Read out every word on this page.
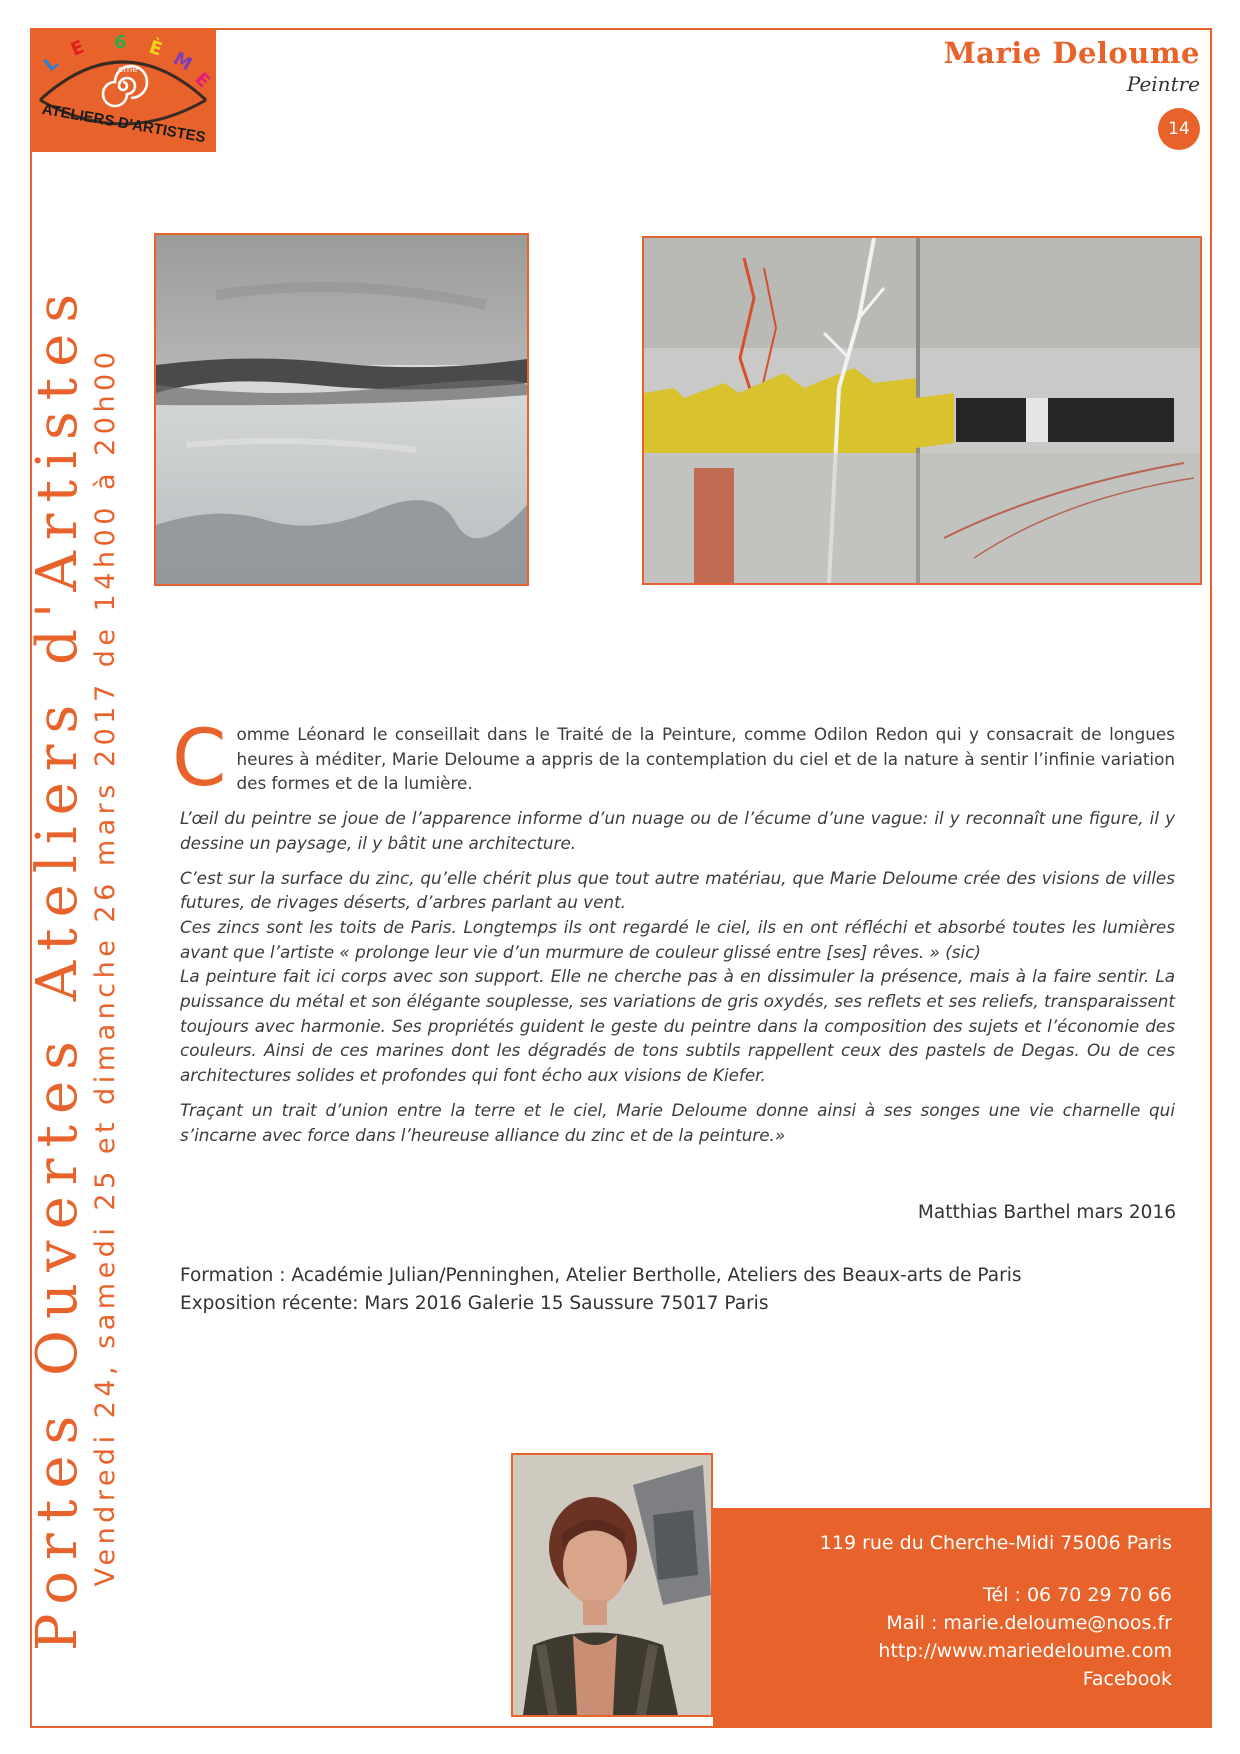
L
E 6 È M
E
eme
ATELIERS D'ARTISTES
Marie Deloume
Peintre
14
Portes Ouvertes Ateliers d'Artistes Vendredi 24, samedi 25 et dimanche 26 mars 2017 de 14h00 à 20h00 Comme Léonard le conseillait dans le Traité de la Peinture, comme Odilon Redon qui y consacrait de longues heures à méditer, Marie Deloume a appris de la contemplation du ciel et de la nature à sentir l’infinie variation des formes et de la lumière.

L’œil du peintre se joue de l’apparence informe d’un nuage ou de l’écume d’une vague: il y reconnaît une figure, il y dessine un paysage, il y bâtit une architecture.

C’est sur la surface du zinc, qu’elle chérit plus que tout autre matériau, que Marie Deloume crée des visions de villes futures, de rivages déserts, d’arbres parlant au vent.

Ces zincs sont les toits de Paris. Longtemps ils ont regardé le ciel, ils en ont réfléchi et absorbé toutes les lumières avant que l’artiste « prolonge leur vie d’un murmure de couleur glissé entre [ses] rêves. » (sic)

La peinture fait ici corps avec son support. Elle ne cherche pas à en dissimuler la présence, mais à la faire sentir. La puissance du métal et son élégante souplesse, ses variations de gris oxydés, ses reflets et ses reliefs, transparaissent toujours avec harmonie. Ses propriétés guident le geste du peintre dans la composition des sujets et l’économie des couleurs. Ainsi de ces marines dont les dégradés de tons subtils rappellent ceux des pastels de Degas. Ou de ces architectures solides et profondes qui font écho aux visions de Kiefer.

Traçant un trait d’union entre la terre et le ciel, Marie Deloume donne ainsi à ses songes une vie charnelle qui s’incarne avec force dans l’heureuse alliance du zinc et de la peinture.»

Matthias Barthel mars 2016
Formation : Académie Julian/Penninghen, Atelier Bertholle, Ateliers des Beaux-arts de Paris
Exposition récente: Mars 2016 Galerie 15 Saussure 75017 Paris
119 rue du Cherche-Midi 75006 Paris
Tél : 06 70 29 70 66
Mail : marie.deloume@noos.fr
http://www.mariedeloume.com
Facebook
